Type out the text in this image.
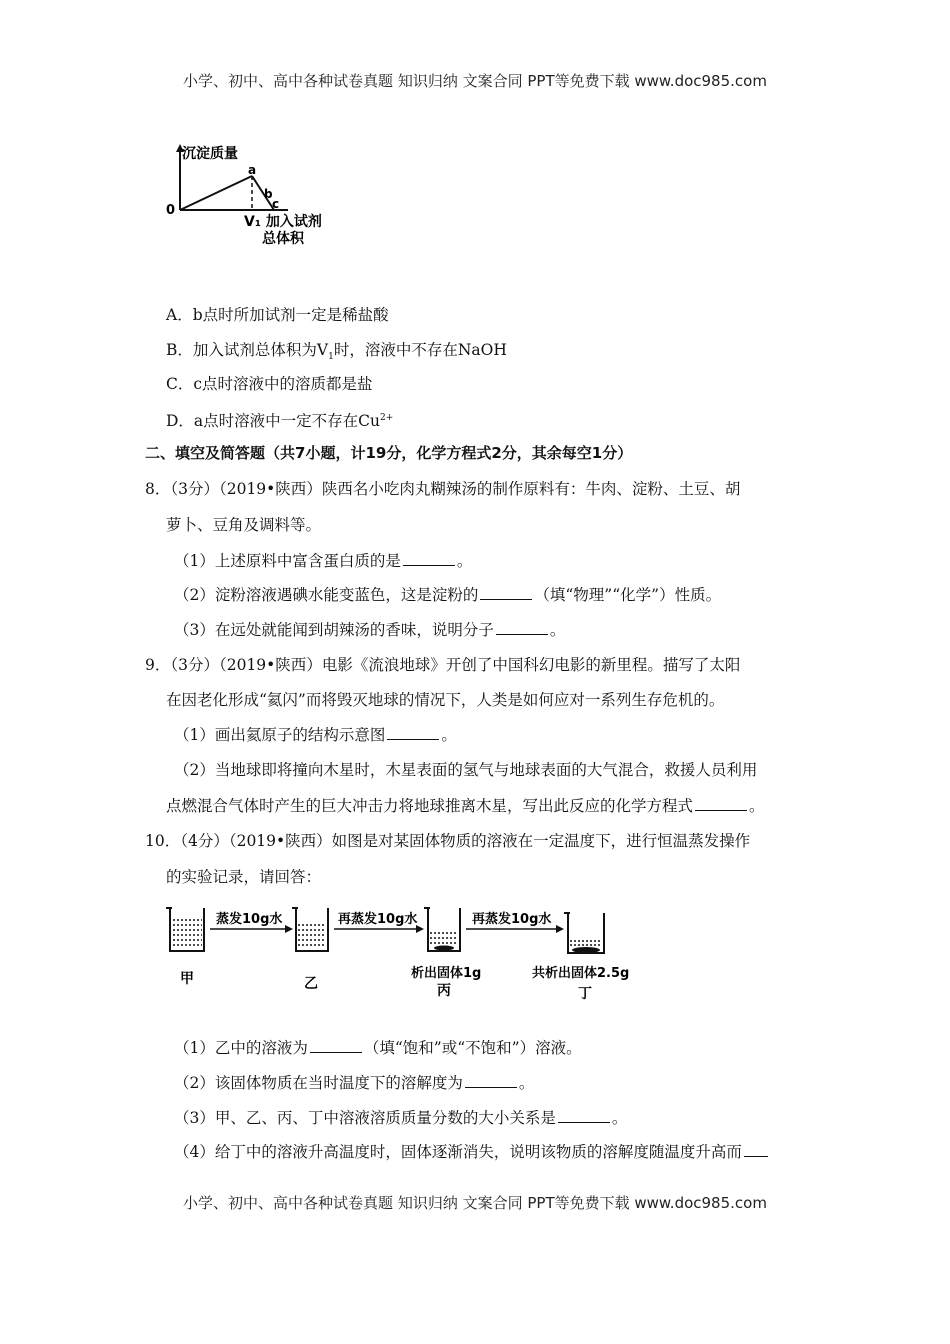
小学、初中、高中各种试卷真题 知识归纳 文案合同 PPT等免费下载 www.doc985.com
沉淀质量
0
a
b
c
V₁ 加入试剂
总体积
A．b点时所加试剂一定是稀盐酸
B．加入试剂总体积为$V_1$时，溶液中不存在NaOH
C．c点时溶液中的溶质都是盐
D．a点时溶液中一定不存在$Cu^{2+}$
二、填空及简答题（共7小题，计19分，化学方程式2分，其余每空1分）
8．（3分）（2019•陕西）陕西名小吃肉丸糊辣汤的制作原料有：牛肉、淀粉、土豆、胡
萝卜、豆角及调料等。
（1）上述原料中富含蛋白质的是	。
（2）淀粉溶液遇碘水能变蓝色，这是淀粉的	（填“物理”“化学”）性质。
（3）在远处就能闻到胡辣汤的香味，说明分子	。
9．（3分）（2019•陕西）电影《流浪地球》开创了中国科幻电影的新里程。描写了太阳
在因老化形成“氦闪”而将毁灭地球的情况下，人类是如何应对一系列生存危机的。
（1）画出氦原子的结构示意图	。
（2）当地球即将撞向木星时，木星表面的氢气与地球表面的大气混合，救援人员利用
点燃混合气体时产生的巨大冲击力将地球推离木星，写出此反应的化学方程式	。
10．（4分）（2019•陕西）如图是对某固体物质的溶液在一定温度下，进行恒温蒸发操作
的实验记录，请回答：
蒸发10g水	再蒸发10g水	再蒸发10g水
甲	乙
析出固体1g
丙
共析出固体2.5g
丁
（1）乙中的溶液为	（填“饱和”或“不饱和”）溶液。
（2）该固体物质在当时温度下的溶解度为	。
（3）甲、乙、丙、丁中溶液溶质质量分数的大小关系是	。
（4）给丁中的溶液升高温度时，固体逐渐消失，说明该物质的溶解度随温度升高而
小学、初中、高中各种试卷真题 知识归纳 文案合同 PPT等免费下载 www.doc985.com
